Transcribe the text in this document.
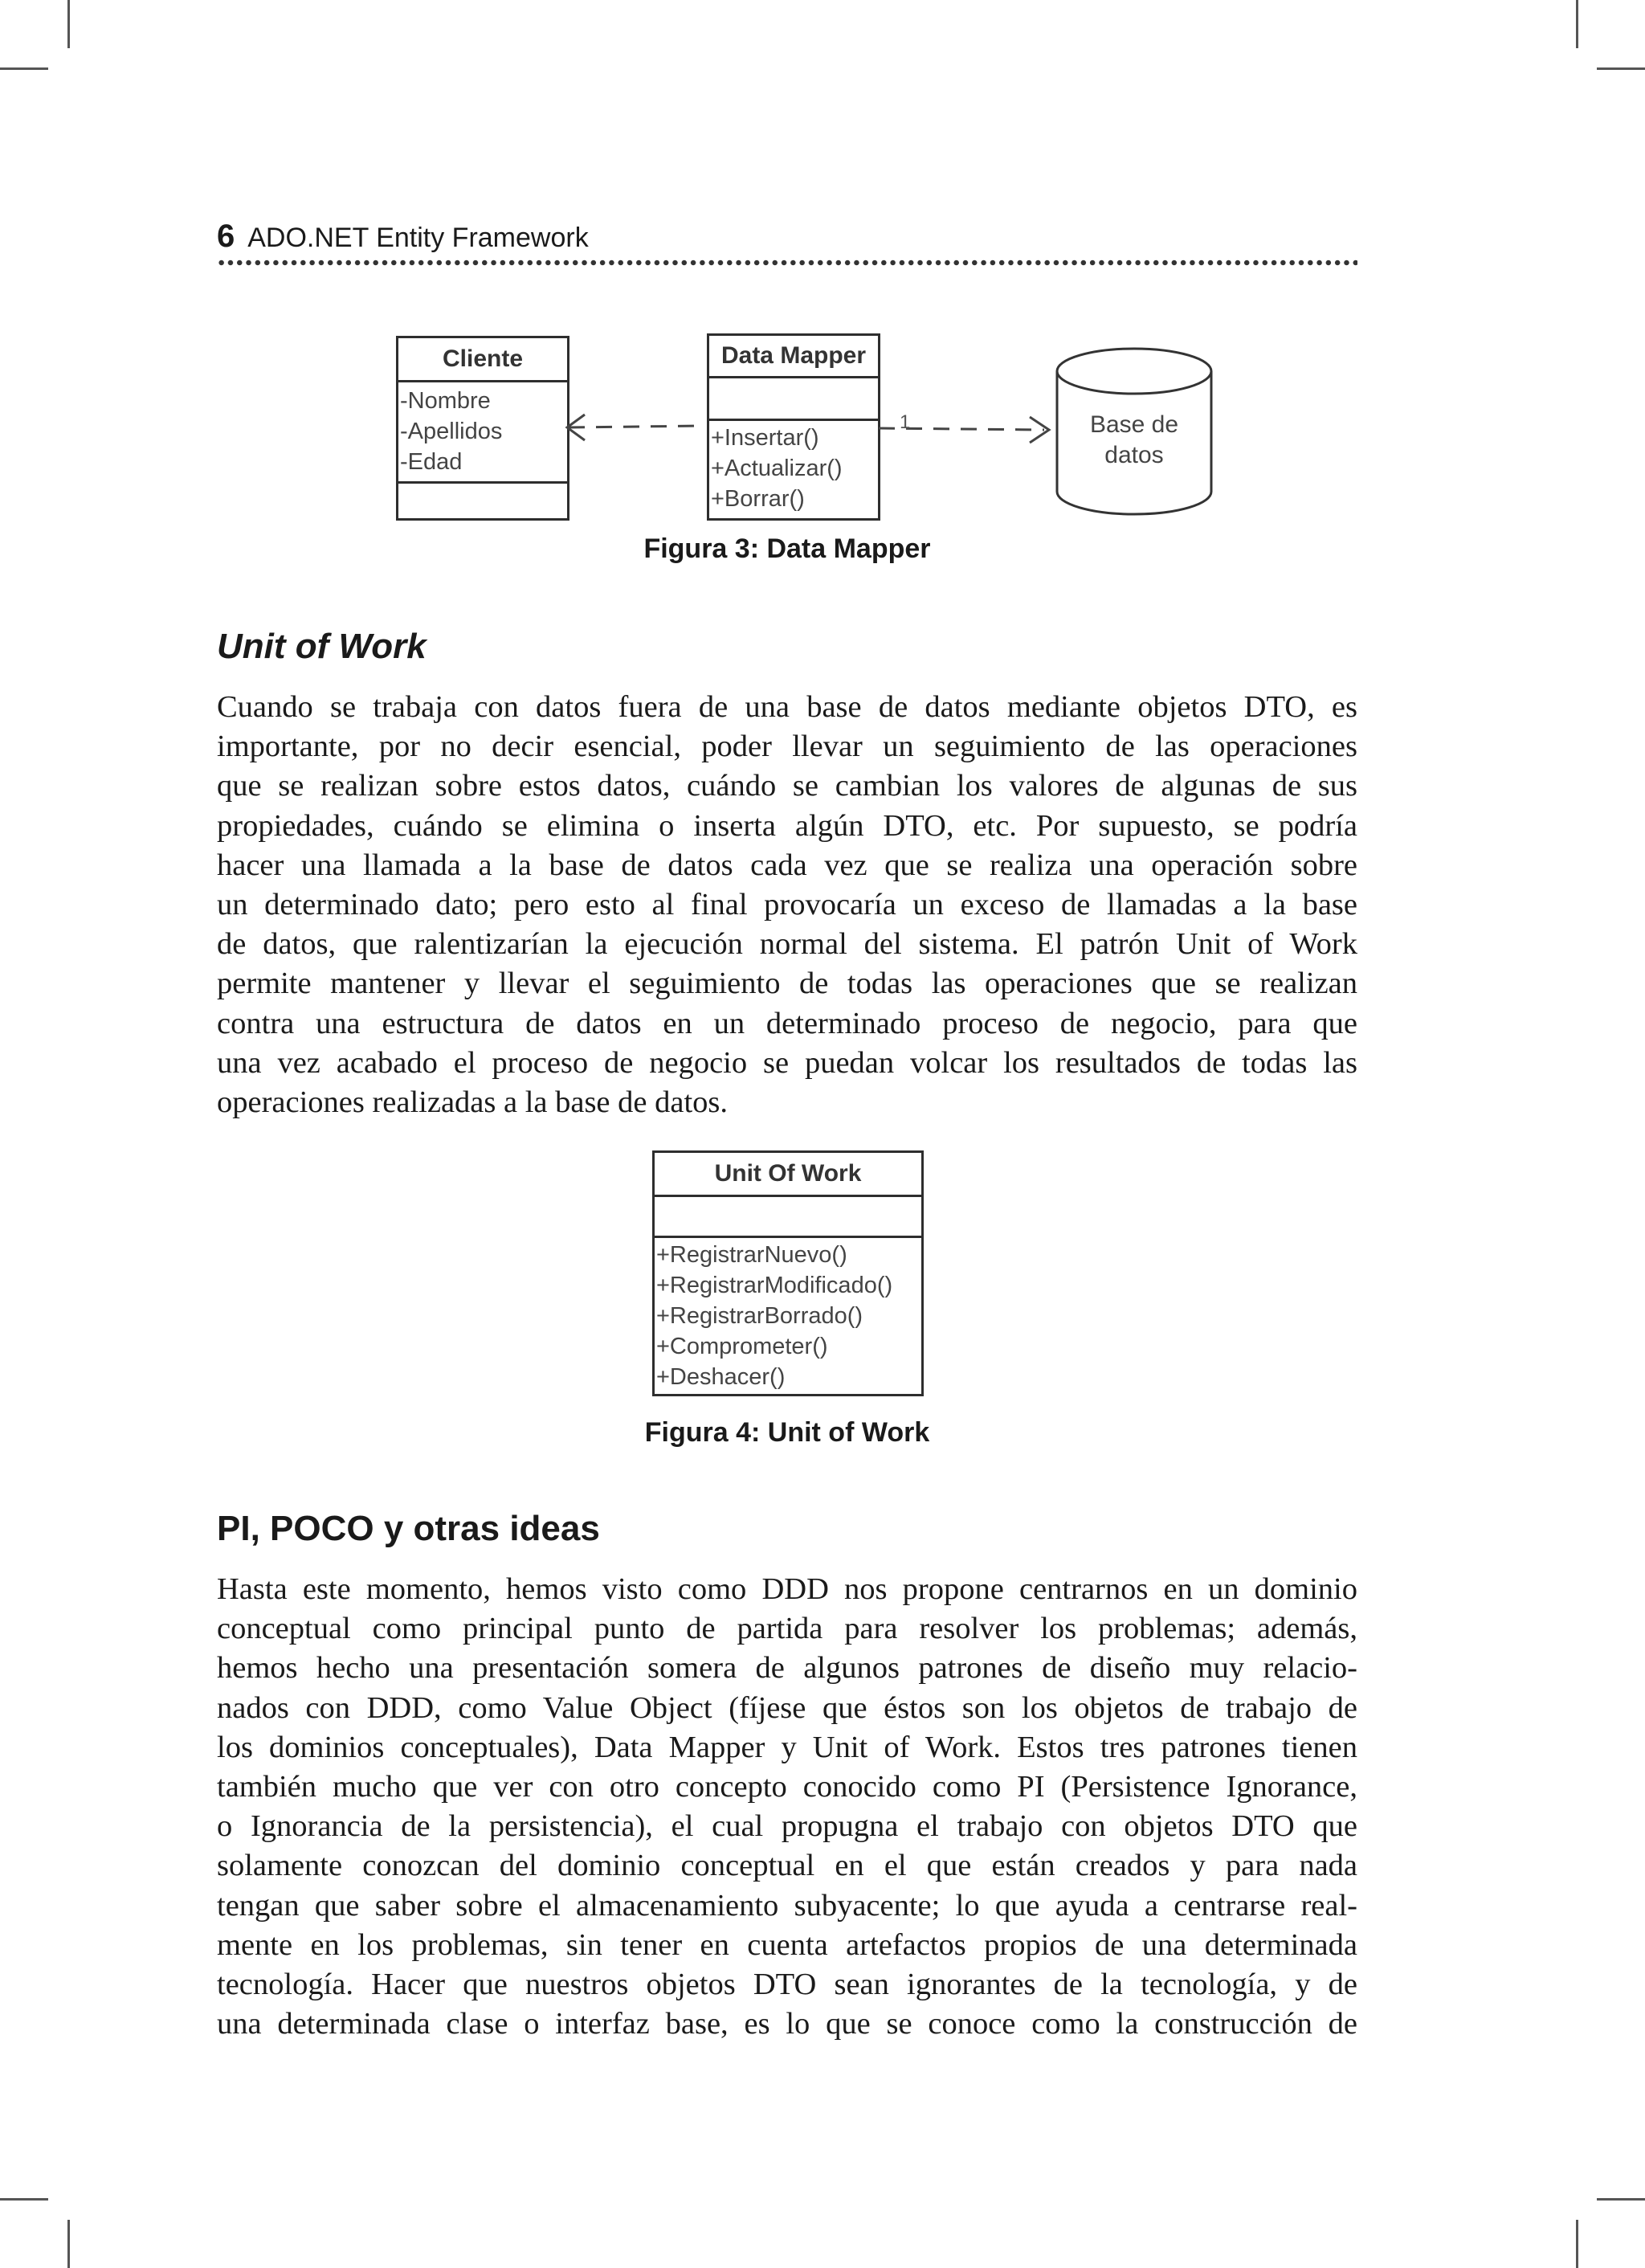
6 ADO.NET Entity Framework
Cliente
-Nombre
-Apellidos
-Edad
Data Mapper
+Insertar()
+Actualizar()
+Borrar()
1	Base de
datos
Figura 3: Data Mapper
Unit of Work
Cuando se trabaja con datos fuera de una base de datos mediante objetos DTO, es
importante, por no decir esencial, poder llevar un seguimiento de las operaciones
que se realizan sobre estos datos, cuándo se cambian los valores de algunas de sus
propiedades, cuándo se elimina o inserta algún DTO, etc. Por supuesto, se podría
hacer una llamada a la base de datos cada vez que se realiza una operación sobre
un determinado dato; pero esto al final provocaría un exceso de llamadas a la base
de datos, que ralentizarían la ejecución normal del sistema. El patrón Unit of Work
permite mantener y llevar el seguimiento de todas las operaciones que se realizan
contra una estructura de datos en un determinado proceso de negocio, para que
una vez acabado el proceso de negocio se puedan volcar los resultados de todas las
operaciones realizadas a la base de datos.
Unit Of Work
+RegistrarNuevo()
+RegistrarModificado()
+RegistrarBorrado()
+Comprometer()
+Deshacer()
Figura 4: Unit of Work
PI, POCO y otras ideas
Hasta este momento, hemos visto como DDD nos propone centrarnos en un dominio
conceptual como principal punto de partida para resolver los problemas; además,
hemos hecho una presentación somera de algunos patrones de diseño muy relacio-
nados con DDD, como Value Object (fíjese que éstos son los objetos de trabajo de
los dominios conceptuales), Data Mapper y Unit of Work. Estos tres patrones tienen
también mucho que ver con otro concepto conocido como PI (Persistence Ignorance,
o Ignorancia de la persistencia), el cual propugna el trabajo con objetos DTO que
solamente conozcan del dominio conceptual en el que están creados y para nada
tengan que saber sobre el almacenamiento subyacente; lo que ayuda a centrarse real-
mente en los problemas, sin tener en cuenta artefactos propios de una determinada
tecnología. Hacer que nuestros objetos DTO sean ignorantes de la tecnología, y de
una determinada clase o interfaz base, es lo que se conoce como la construcción de
